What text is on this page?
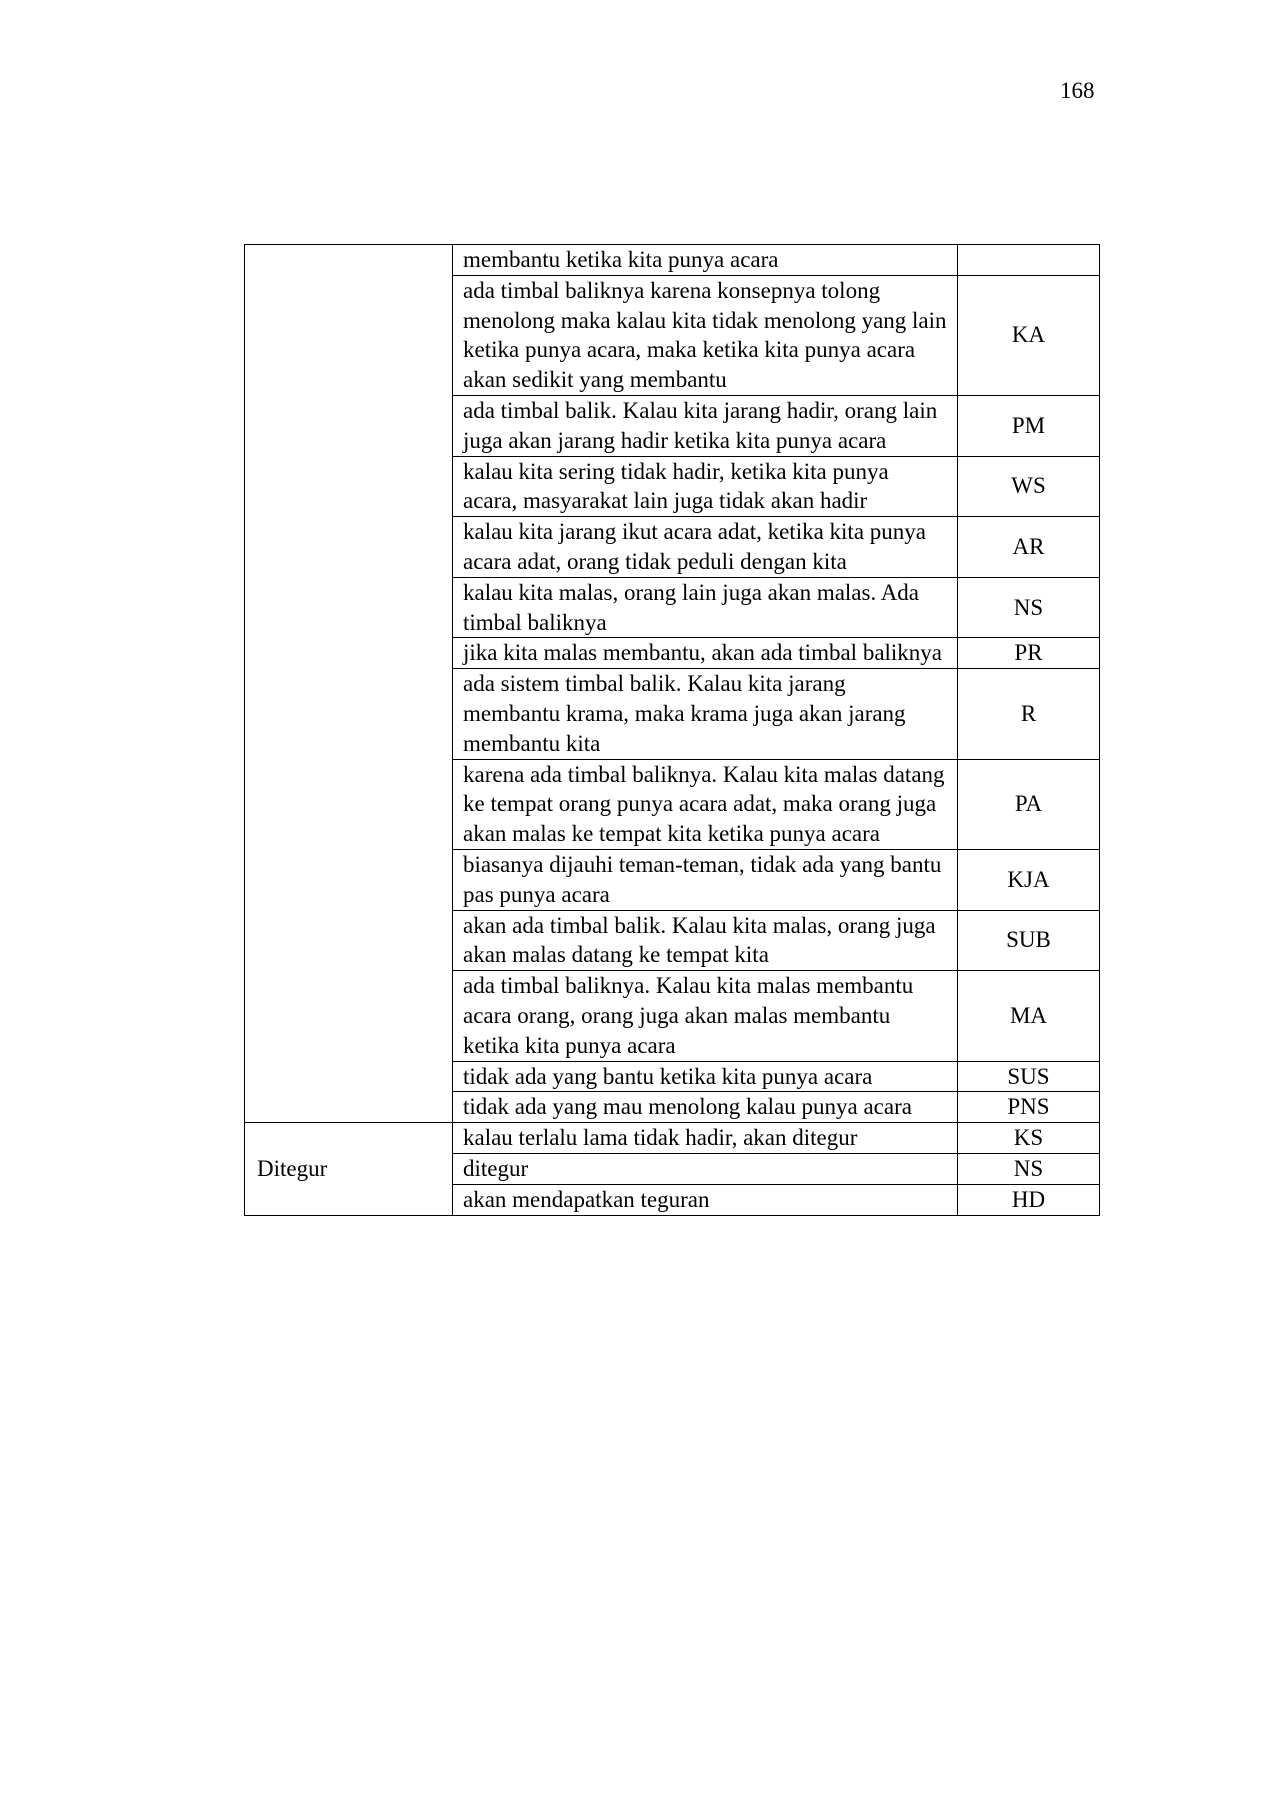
168
	membantu ketika kita punya acara	
	ada timbal baliknya karena konsepnya tolong menolong maka kalau kita tidak menolong yang lain ketika punya acara, maka ketika kita punya acara akan sedikit yang membantu	KA
	ada timbal balik. Kalau kita jarang hadir, orang lain juga akan jarang hadir ketika kita punya acara	PM
	kalau kita sering tidak hadir, ketika kita punya acara, masyarakat lain juga tidak akan hadir	WS
	kalau kita jarang ikut acara adat, ketika kita punya acara adat, orang tidak peduli dengan kita	AR
	kalau kita malas, orang lain juga akan malas. Ada timbal baliknya	NS
	jika kita malas membantu, akan ada timbal baliknya	PR
	ada sistem timbal balik. Kalau kita jarang membantu krama, maka krama juga akan jarang membantu kita	R
	karena ada timbal baliknya. Kalau kita malas datang ke tempat orang punya acara adat, maka orang juga akan malas ke tempat kita ketika punya acara	PA
	biasanya dijauhi teman-teman, tidak ada yang bantu pas punya acara	KJA
	akan ada timbal balik. Kalau kita malas, orang juga akan malas datang ke tempat kita	SUB
	ada timbal baliknya. Kalau kita malas membantu acara orang, orang juga akan malas membantu ketika kita punya acara	MA
	tidak ada yang bantu ketika kita punya acara	SUS
	tidak ada yang mau menolong kalau punya acara	PNS
Ditegur	kalau terlalu lama tidak hadir, akan ditegur	KS
	ditegur	NS
	akan mendapatkan teguran	HD
